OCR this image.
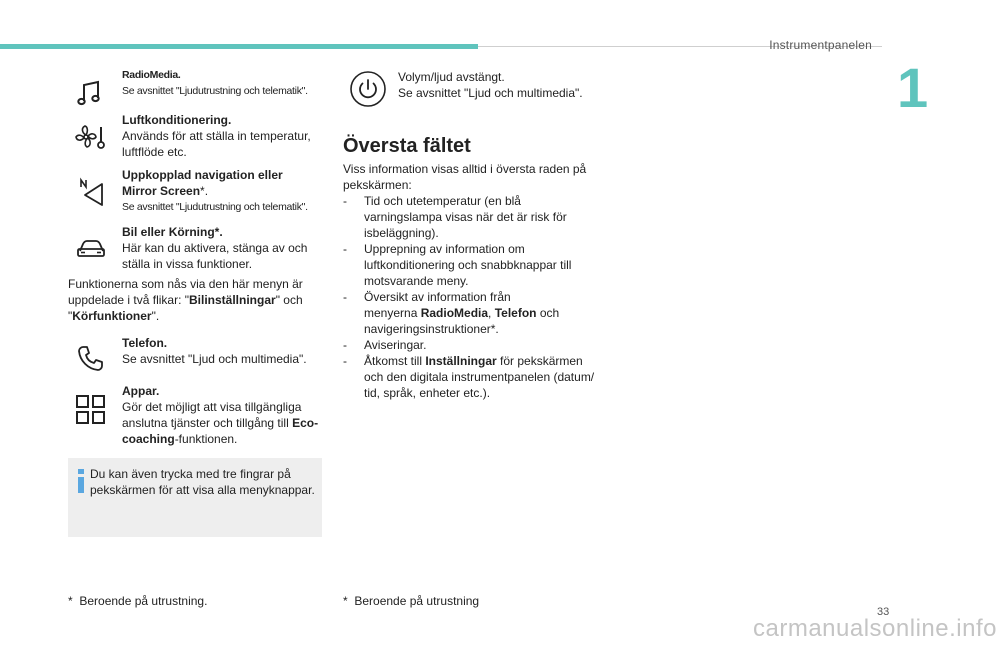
Instrumentpanelen
1
RadioMedia.
Se avsnittet "Ljudutrustning och telematik".
Luftkonditionering.
Används för att ställa in temperatur,
luftflöde etc.
Uppkopplad navigation eller
Mirror Screen*.
Se avsnittet "Ljudutrustning och telematik".
Bil eller Körning*.
Här kan du aktivera, stänga av och
ställa in vissa funktioner.
Funktionerna som nås via den här menyn är
uppdelade i två flikar: "Bilinställningar" och
"Körfunktioner".
Telefon.
Se avsnittet "Ljud och multimedia".
Appar.
Gör det möjligt att visa tillgängliga
anslutna tjänster och tillgång till Eco-
coaching-funktionen.
Du kan även trycka med tre fingrar på
pekskärmen för att visa alla menyknappar.
* Beroende på utrustning.	* Beroende på utrustning
Volym/ljud avstängt.
Se avsnittet "Ljud och multimedia".
Översta fältet
Viss information visas alltid i översta raden på
pekskärmen:
- Tid och utetemperatur (en blå
varningslampa visas när det är risk för
isbeläggning).
- Upprepning av information om
luftkonditionering och snabbknappar till
motsvarande meny.
- Översikt av information från
menyerna RadioMedia, Telefon och
navigeringsinstruktioner*.
- Aviseringar.
- Åtkomst till Inställningar för pekskärmen
och den digitala instrumentpanelen (datum/
tid, språk, enheter etc.).
33
carmanualsonline.info
